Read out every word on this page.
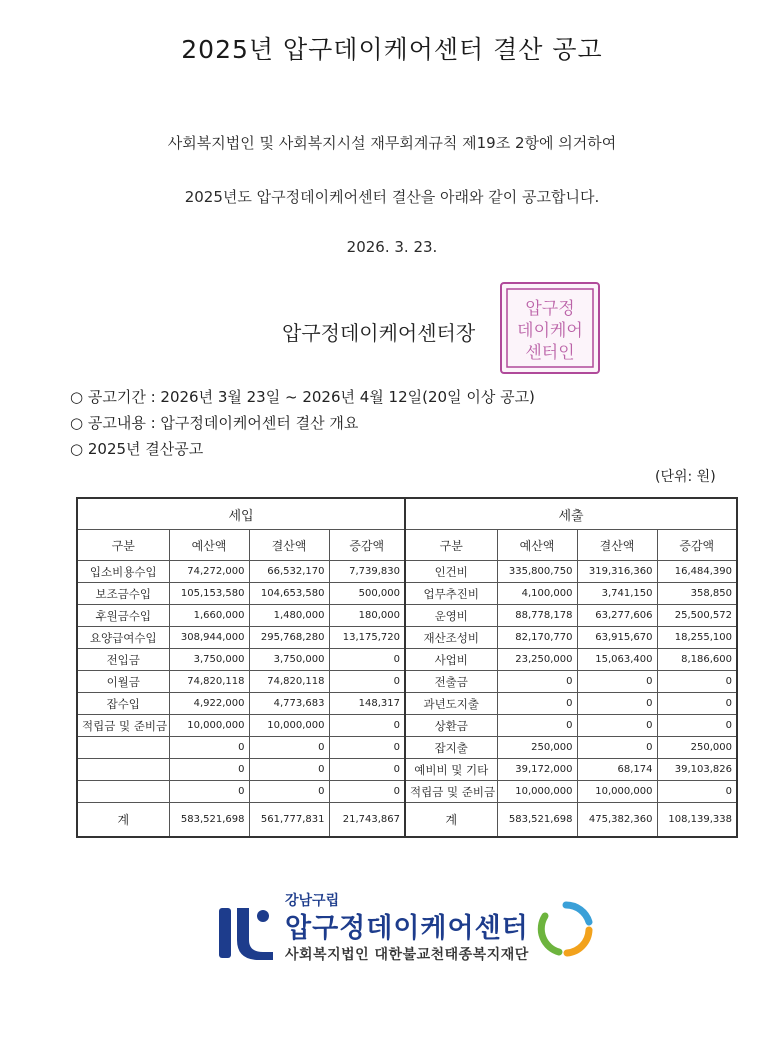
2025년 압구데이케어센터 결산 공고
사회복지법인 및 사회복지시설 재무회계규칙 제19조 2항에 의거하여
2025년도 압구정데이케어센터 결산을 아래와 같이 공고합니다.
2026. 3. 23.
압구정
데이케어
센터인
압구정데이케어센터장
○ 공고기간 : 2026년 3월 23일 ~ 2026년 4월 12일(20일 이상 공고)
○ 공고내용 : 압구정데이케어센터 결산 개요
○ 2025년 결산공고
(단위: 원)
세입				세출			
구분	예산액	결산액	증감액	구분	예산액	결산액	증감액
입소비용수입	74,272,000	66,532,170	7,739,830	인건비	335,800,750	319,316,360	16,484,390
보조금수입	105,153,580	104,653,580	500,000	업무추진비	4,100,000	3,741,150	358,850
후원금수입	1,660,000	1,480,000	180,000	운영비	88,778,178	63,277,606	25,500,572
요양급여수입	308,944,000	295,768,280	13,175,720	재산조성비	82,170,770	63,915,670	18,255,100
전입금	3,750,000	3,750,000	0	사업비	23,250,000	15,063,400	8,186,600
이월금	74,820,118	74,820,118	0	전출금	0	0	0
잡수입	4,922,000	4,773,683	148,317	과년도지출	0	0	0
적립금 및 준비금	10,000,000	10,000,000	0	상환금	0	0	0
	0	0	0	잡지출	250,000	0	250,000
	0	0	0	예비비 및 기타	39,172,000	68,174	39,103,826
	0	0	0	적립금 및 준비금	10,000,000	10,000,000	0
계	583,521,698	561,777,831	21,743,867	계	583,521,698	475,382,360	108,139,338
강남구립
압구정데이케어센터
사회복지법인 대한불교천태종복지재단
